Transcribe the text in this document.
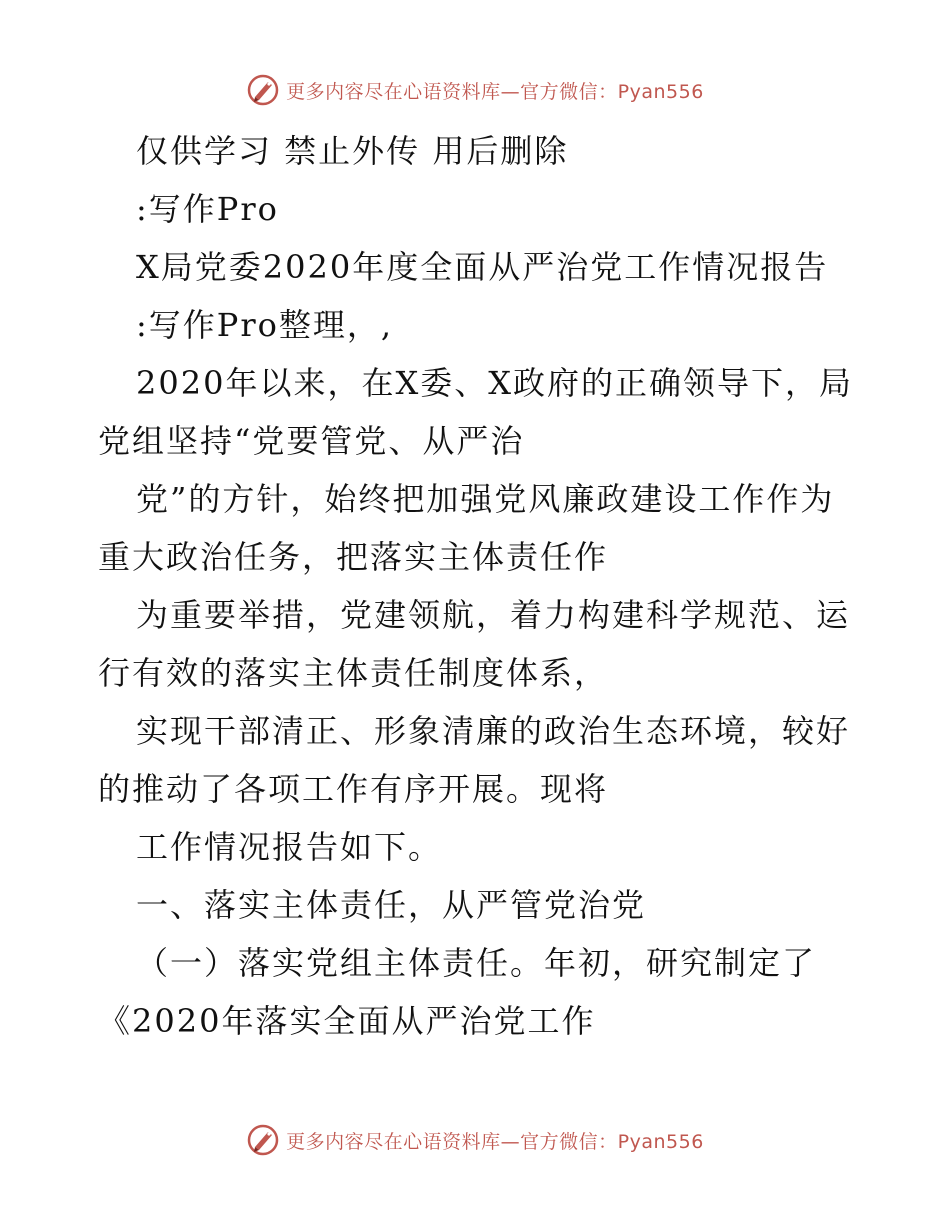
更多内容尽在心语资料库—官方微信：Pyan556
仅供学习 禁止外传 用后删除
:写作Pro
X局党委2020年度全面从严治党工作情况报告
:写作Pro整理，,
2020年以来，在X委、X政府的正确领导下，局
党组坚持“党要管党、从严治
党”的方针，始终把加强党风廉政建设工作作为
重大政治任务，把落实主体责任作
为重要举措，党建领航，着力构建科学规范、运
行有效的落实主体责任制度体系，
实现干部清正、形象清廉的政治生态环境，较好
的推动了各项工作有序开展。现将
工作情况报告如下。
一、落实主体责任，从严管党治党
（一）落实党组主体责任。年初，研究制定了
《2020年落实全面从严治党工作
更多内容尽在心语资料库—官方微信：Pyan556
